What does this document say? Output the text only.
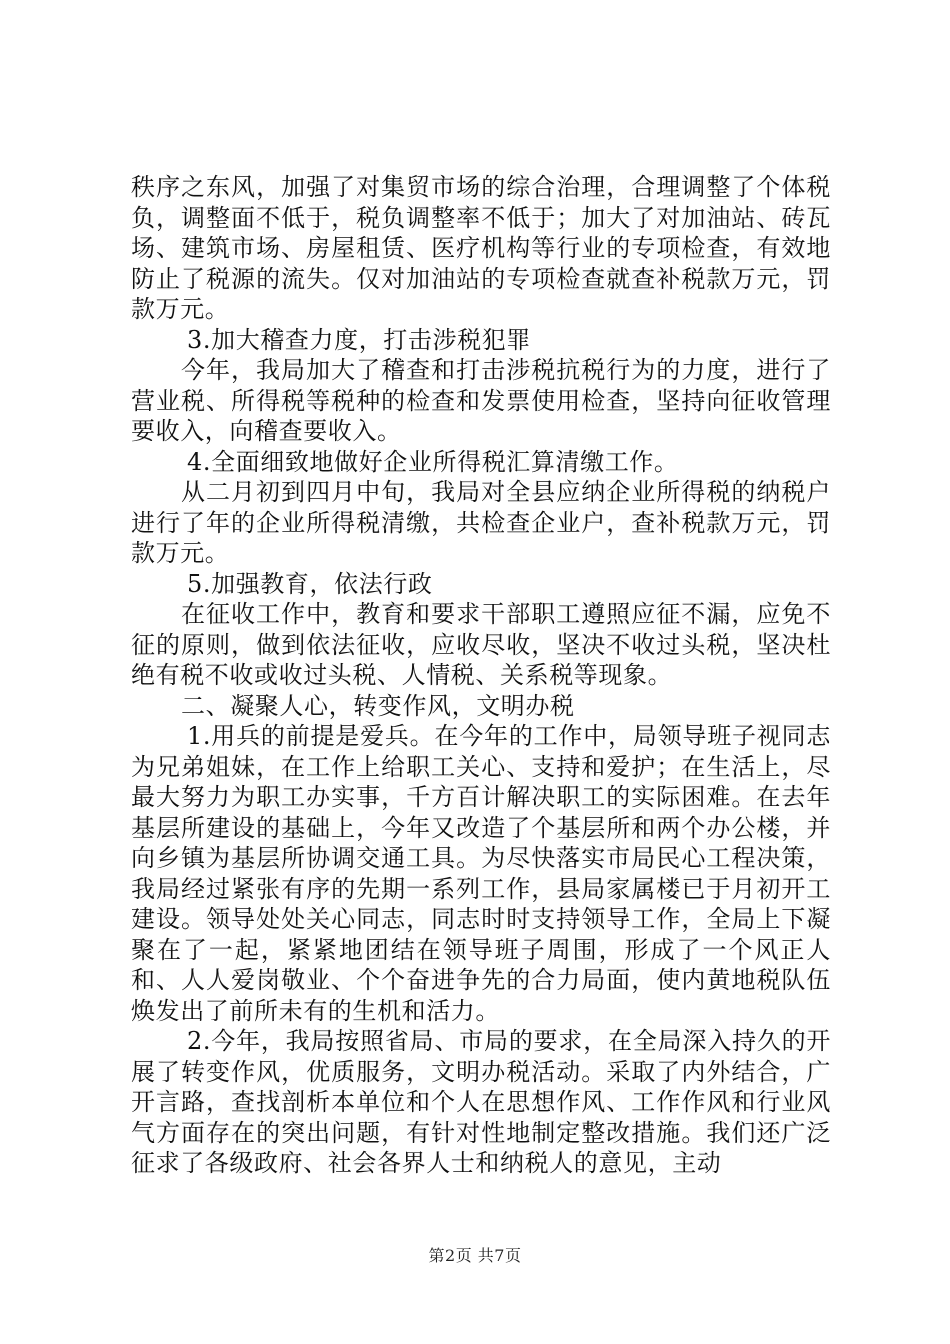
秩序之东风，加强了对集贸市场的综合治理，合理调整了个体税负，调整面不低于，税负调整率不低于；加大了对加油站、砖瓦场、建筑市场、房屋租赁、医疗机构等行业的专项检查，有效地防止了税源的流失。仅对加油站的专项检查就查补税款万元，罚款万元。

3.加大稽查力度，打击涉税犯罪

今年，我局加大了稽查和打击涉税抗税行为的力度，进行了营业税、所得税等税种的检查和发票使用检查，坚持向征收管理要收入，向稽查要收入。

4.全面细致地做好企业所得税汇算清缴工作。

从二月初到四月中旬，我局对全县应纳企业所得税的纳税户进行了年的企业所得税清缴，共检查企业户，查补税款万元，罚款万元。

5.加强教育，依法行政

在征收工作中，教育和要求干部职工遵照应征不漏，应免不征的原则，做到依法征收，应收尽收，坚决不收过头税，坚决杜绝有税不收或收过头税、人情税、关系税等现象。

二、凝聚人心，转变作风，文明办税

1.用兵的前提是爱兵。在今年的工作中，局领导班子视同志为兄弟姐妹，在工作上给职工关心、支持和爱护；在生活上，尽最大努力为职工办实事，千方百计解决职工的实际困难。在去年基层所建设的基础上，今年又改造了个基层所和两个办公楼，并向乡镇为基层所协调交通工具。为尽快落实市局民心工程决策，我局经过紧张有序的先期一系列工作，县局家属楼已于月初开工建设。领导处处关心同志，同志时时支持领导工作，全局上下凝聚在了一起，紧紧地团结在领导班子周围，形成了一个风正人和、人人爱岗敬业、个个奋进争先的合力局面，使内黄地税队伍焕发出了前所未有的生机和活力。

2.今年，我局按照省局、市局的要求，在全局深入持久的开展了转变作风，优质服务，文明办税活动。采取了内外结合，广开言路，查找剖析本单位和个人在思想作风、工作作风和行业风气方面存在的突出问题，有针对性地制定整改措施。我们还广泛征求了各级政府、社会各界人士和纳税人的意见，主动

第2页 共7页
